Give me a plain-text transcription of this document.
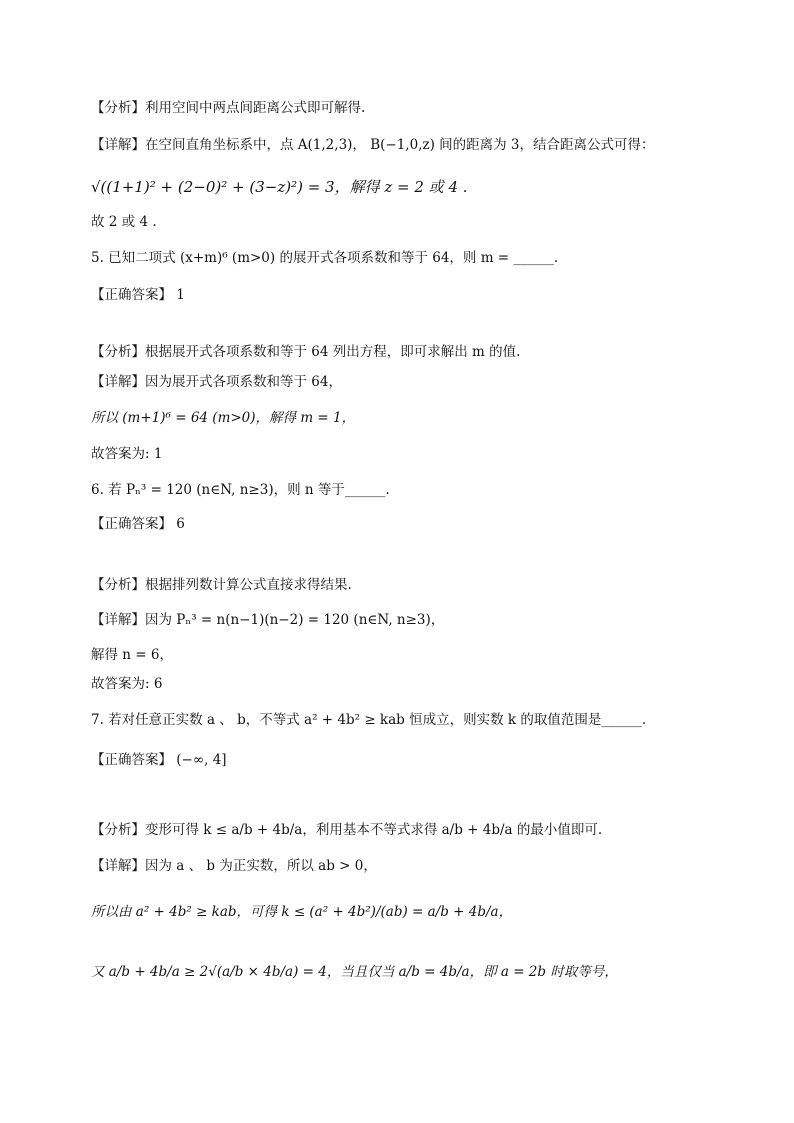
【分析】利用空间中两点间距离公式即可解得.
【详解】在空间直角坐标系中，点 A(1,2,3)， B(−1,0,z) 间的距离为 3，结合距离公式可得：
√((1+1)² + (2−0)² + (3−z)²) = 3，解得 z = 2 或 4 .
故 2 或 4 .
5. 已知二项式 (x+m)⁶ (m>0) 的展开式各项系数和等于 64，则 m = ______.
【正确答案】 1
【分析】根据展开式各项系数和等于 64 列出方程，即可求解出 m 的值.
【详解】因为展开式各项系数和等于 64，
所以 (m+1)⁶ = 64 (m>0)，解得 m = 1，
故答案为: 1
6. 若 Pₙ³ = 120 (n∈N, n≥3)，则 n 等于______.
【正确答案】 6
【分析】根据排列数计算公式直接求得结果.
【详解】因为 Pₙ³ = n(n−1)(n−2) = 120 (n∈N, n≥3)，
解得 n = 6，
故答案为: 6
7. 若对任意正实数 a 、 b，不等式 a² + 4b² ≥ kab 恒成立，则实数 k 的取值范围是______.
【正确答案】 (−∞, 4]
【分析】变形可得 k ≤ a/b + 4b/a，利用基本不等式求得 a/b + 4b/a 的最小值即可.
【详解】因为 a 、 b 为正实数，所以 ab > 0，
所以由 a² + 4b² ≥ kab，可得 k ≤ (a² + 4b²)/(ab) = a/b + 4b/a，
又 a/b + 4b/a ≥ 2√(a/b × 4b/a) = 4，当且仅当 a/b = 4b/a，即 a = 2b 时取等号，
